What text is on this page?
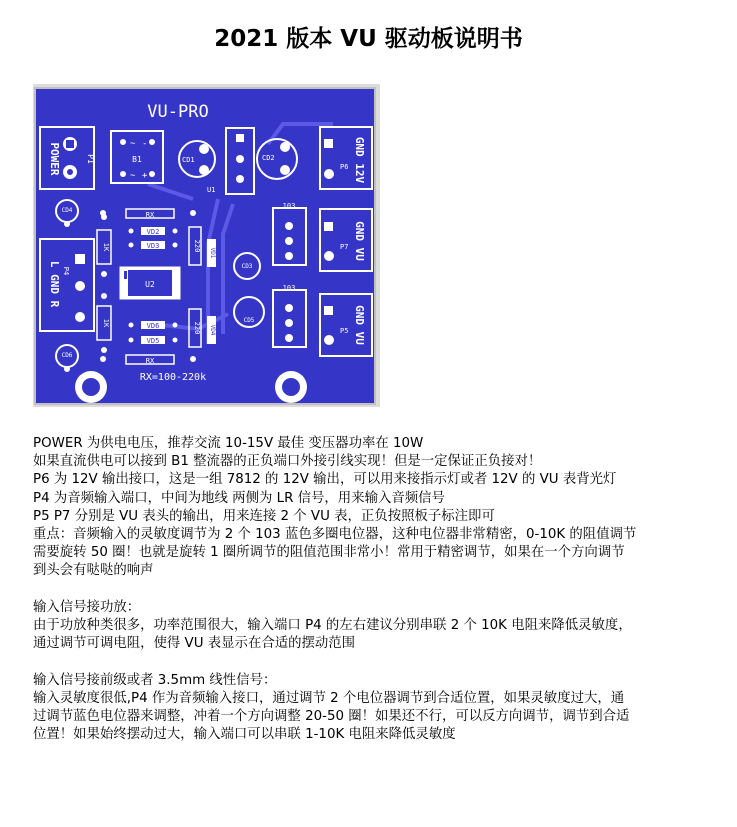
2021 版本 VU 驱动板说明书
VU-PRO
POWER	P1	B1
~
~
-
+
CD1
U1
CD2
P6 GND 12V
CD4
RX
1K
VD2
VD3	220
VD1
P4
L GND R	U2
CD3
103
P7 GND VU
103
CD5
1K	220
VD6
VD5
VD4	P5 GND VU
CD6
RX
RX=100-220k

POWER 为供电电压，推荐交流 10-15V 最佳 变压器功率在 10W

如果直流供电可以接到 B1 整流器的正负端口外接引线实现！但是一定保证正负接对！

P6 为 12V 输出接口，这是一组 7812 的 12V 输出，可以用来接指示灯或者 12V 的 VU 表背光灯

P4 为音频输入端口，中间为地线 两侧为 LR 信号，用来输入音频信号

P5 P7 分别是 VU 表头的输出，用来连接 2 个 VU 表，正负按照板子标注即可

重点：音频输入的灵敏度调节为 2 个 103 蓝色多圈电位器，这种电位器非常精密，0-10K 的阻值调节

需要旋转 50 圈！也就是旋转 1 圈所调节的阻值范围非常小！常用于精密调节，如果在一个方向调节

到头会有哒哒的响声

输入信号接功放：

由于功放种类很多，功率范围很大，输入端口 P4 的左右建议分别串联 2 个 10K 电阻来降低灵敏度，

通过调节可调电阻，使得 VU 表显示在合适的摆动范围

输入信号接前级或者 3.5mm 线性信号：

输入灵敏度很低,P4 作为音频输入接口，通过调节 2 个电位器调节到合适位置，如果灵敏度过大，通

过调节蓝色电位器来调整，冲着一个方向调整 20-50 圈！如果还不行，可以反方向调节，调节到合适

位置！如果始终摆动过大，输入端口可以串联 1-10K 电阻来降低灵敏度
